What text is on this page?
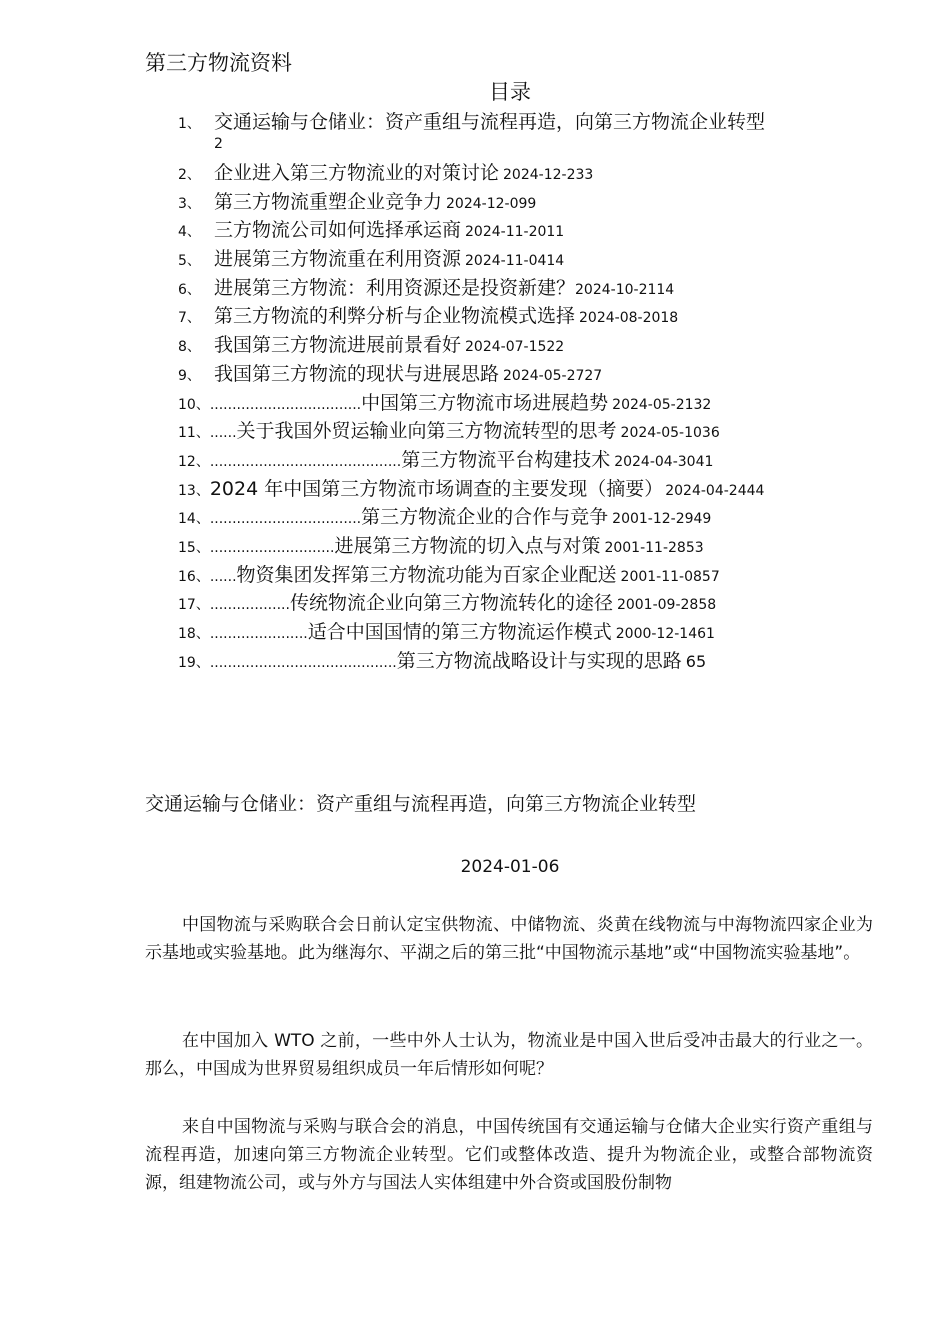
第三方物流资料
目录
1、 交通运输与仓储业：资产重组与流程再造，向第三方物流企业转型
2
2、 企业进入第三方物流业的对策讨论 2024-12-233
3、 第三方物流重塑企业竞争力 2024-12-099
4、 三方物流公司如何选择承运商 2024-11-2011
5、 进展第三方物流重在利用资源 2024-11-0414
6、 进展第三方物流：利用资源还是投资新建？ 2024-10-2114
7、 第三方物流的利弊分析与企业物流模式选择 2024-08-2018
8、 我国第三方物流进展前景看好 2024-07-1522
9、 我国第三方物流的现状与进展思路 2024-05-2727
10、 ..................................中国第三方物流市场进展趋势 2024-05-2132
11、 ......关于我国外贸运输业向第三方物流转型的思考 2024-05-1036
12、 ...........................................第三方物流平台构建技术 2024-04-3041
13、 2024 年中国第三方物流市场调查的主要发现（摘要） 2024-04-2444
14、 ..................................第三方物流企业的合作与竞争 2001-12-2949
15、 ............................进展第三方物流的切入点与对策 2001-11-2853
16、 ......物资集团发挥第三方物流功能为百家企业配送 2001-11-0857
17、 ..................传统物流企业向第三方物流转化的途径 2001-09-2858
18、 ......................适合中国国情的第三方物流运作模式 2000-12-1461
19、 ..........................................第三方物流战略设计与实现的思路 65
交通运输与仓储业：资产重组与流程再造，向第三方物流企业转型
2024-01-06

中国物流与采购联合会日前认定宝供物流、中储物流、炎黄在线物流与中海物流四家企业为示基地或实验基地。此为继海尔、平湖之后的第三批“中国物流示基地”或“中国物流实验基地”。

在中国加入 WTO 之前，一些中外人士认为，物流业是中国入世后受冲击最大的行业之一。那么，中国成为世界贸易组织成员一年后情形如何呢？

来自中国物流与采购与联合会的消息，中国传统国有交通运输与仓储大企业实行资产重组与流程再造，加速向第三方物流企业转型。它们或整体改造、提升为物流企业，或整合部物流资源，组建物流公司，或与外方与国法人实体组建中外合资或国股份制物
